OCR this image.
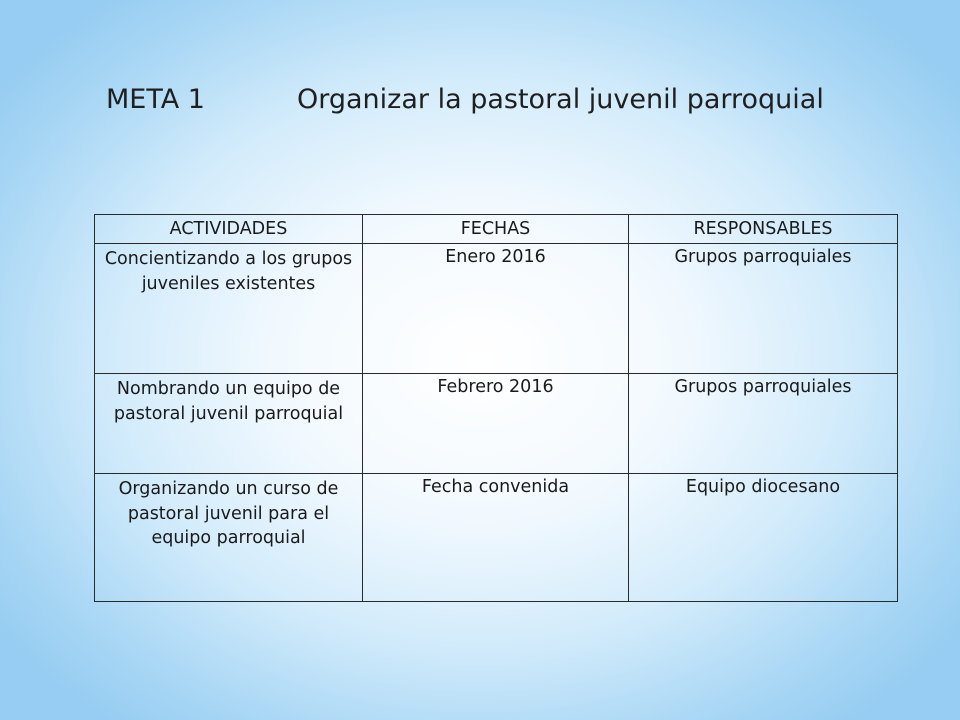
META 1	Organizar la pastoral juvenil parroquial
ACTIVIDADES	FECHAS	RESPONSABLES
Concientizando a los grupos juveniles existentes	Enero 2016	Grupos parroquiales
Nombrando un equipo de pastoral juvenil parroquial	Febrero 2016	Grupos parroquiales
Organizando un curso de pastoral juvenil para el equipo parroquial	Fecha convenida	Equipo diocesano
